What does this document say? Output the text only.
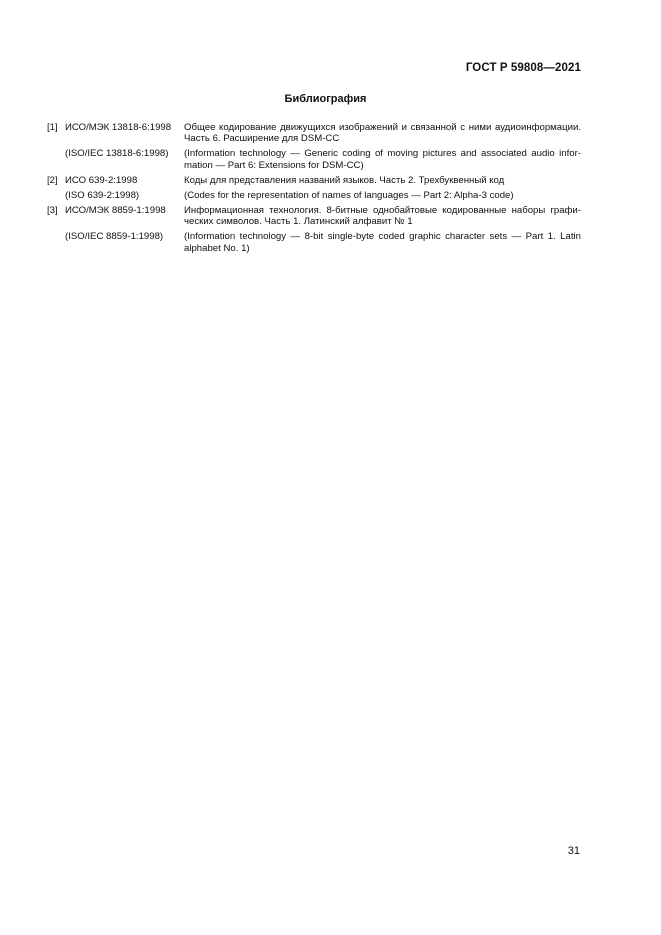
ГОСТ Р 59808—2021
Библиография
[1] ИСО/МЭК 13818-6:1998	Общее кодирование движущихся изображений и связанной с ними аудиоинформации. Часть 6. Расширение для DSM-CC
(ISO/IEC 13818-6:1998)	(Information technology — Generic coding of moving pictures and associated audio information — Part 6: Extensions for DSM-CC)
[2] ИСО 639-2:1998	Коды для представления названий языков. Часть 2. Трехбуквенный код
(ISO 639-2:1998)	(Codes for the representation of names of languages — Part 2: Alpha-3 code)
[3] ИСО/МЭК 8859-1:1998	Информационная технология. 8-битные однобайтовые кодированные наборы графических символов. Часть 1. Латинский алфавит № 1
(ISO/IEC 8859-1:1998)	(Information technology — 8-bit single-byte coded graphic character sets — Part 1. Latin alphabet No. 1)
31
